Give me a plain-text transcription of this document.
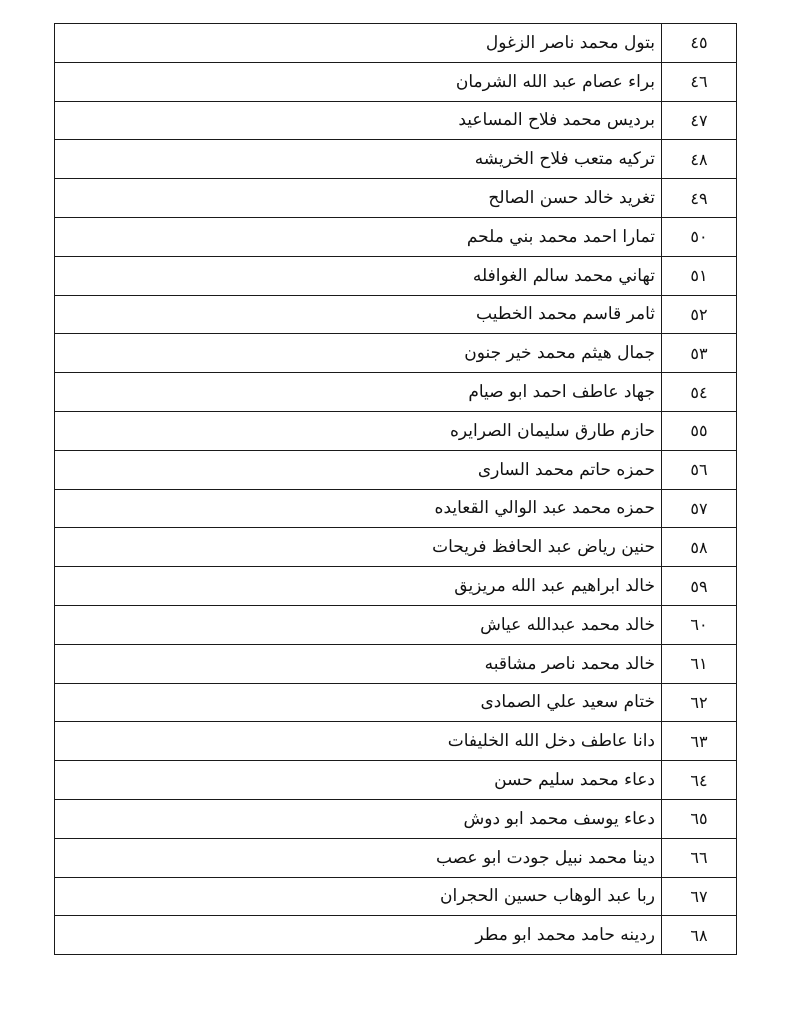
٤٥	بتول محمد ناصر الزغول
٤٦	براء عصام عبد الله الشرمان
٤٧	برديس محمد فلاح المساعيد
٤٨	تركيه متعب فلاح الخريشه
٤٩	تغريد خالد حسن الصالح
٥٠	تمارا احمد محمد بني ملحم
٥١	تهاني محمد سالم الغوافله
٥٢	ثامر قاسم محمد الخطيب
٥٣	جمال هيثم محمد خير جنون
٥٤	جهاد عاطف احمد ابو صيام
٥٥	حازم طارق سليمان الصرايره
٥٦	حمزه حاتم محمد السارى
٥٧	حمزه محمد عبد الوالي القعايده
٥٨	حنين رياض عبد الحافظ فريحات
٥٩	خالد ابراهيم عبد الله مريزيق
٦٠	خالد محمد عبدالله عياش
٦١	خالد محمد ناصر مشاقبه
٦٢	ختام سعيد علي الصمادى
٦٣	دانا عاطف دخل الله الخليفات
٦٤	دعاء محمد سليم حسن
٦٥	دعاء يوسف محمد ابو دوش
٦٦	دينا محمد نبيل جودت ابو عصب
٦٧	ربا عبد الوهاب حسين الحجران
٦٨	ردينه حامد محمد ابو مطر
